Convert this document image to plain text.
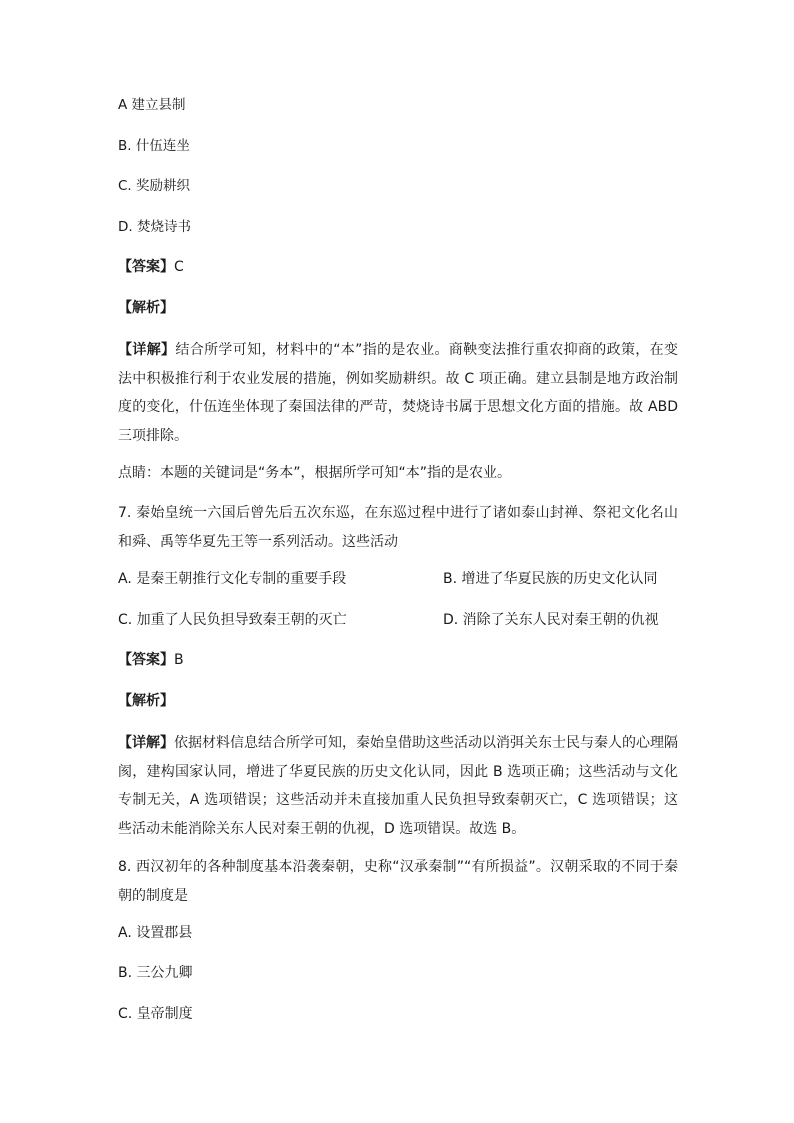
A 建立县制
B. 什伍连坐
C. 奖励耕织
D. 焚烧诗书
【答案】C
【解析】
【详解】结合所学可知，材料中的“本”指的是农业。商鞅变法推行重农抑商的政策，在变法中积极推行利于农业发展的措施，例如奖励耕织。故 C 项正确。建立县制是地方政治制度的变化，什伍连坐体现了秦国法律的严苛，焚烧诗书属于思想文化方面的措施。故 ABD 三项排除。
点睛：本题的关键词是“务本”，根据所学可知“本”指的是农业。
7. 秦始皇统一六国后曾先后五次东巡，在东巡过程中进行了诸如泰山封禅、祭祀文化名山和舜、禹等华夏先王等一系列活动。这些活动
A. 是秦王朝推行文化专制的重要手段	B. 增进了华夏民族的历史文化认同
C. 加重了人民负担导致秦王朝的灭亡	D. 消除了关东人民对秦王朝的仇视
【答案】B
【解析】
【详解】依据材料信息结合所学可知，秦始皇借助这些活动以消弭关东士民与秦人的心理隔阂，建构国家认同，增进了华夏民族的历史文化认同，因此 B 选项正确；这些活动与文化专制无关，A 选项错误；这些活动并未直接加重人民负担导致秦朝灭亡，C 选项错误；这些活动未能消除关东人民对秦王朝的仇视，D 选项错误。故选 B。
8. 西汉初年的各种制度基本沿袭秦朝，史称“汉承秦制”“有所损益”。汉朝采取的不同于秦朝的制度是
A. 设置郡县
B. 三公九卿
C. 皇帝制度
